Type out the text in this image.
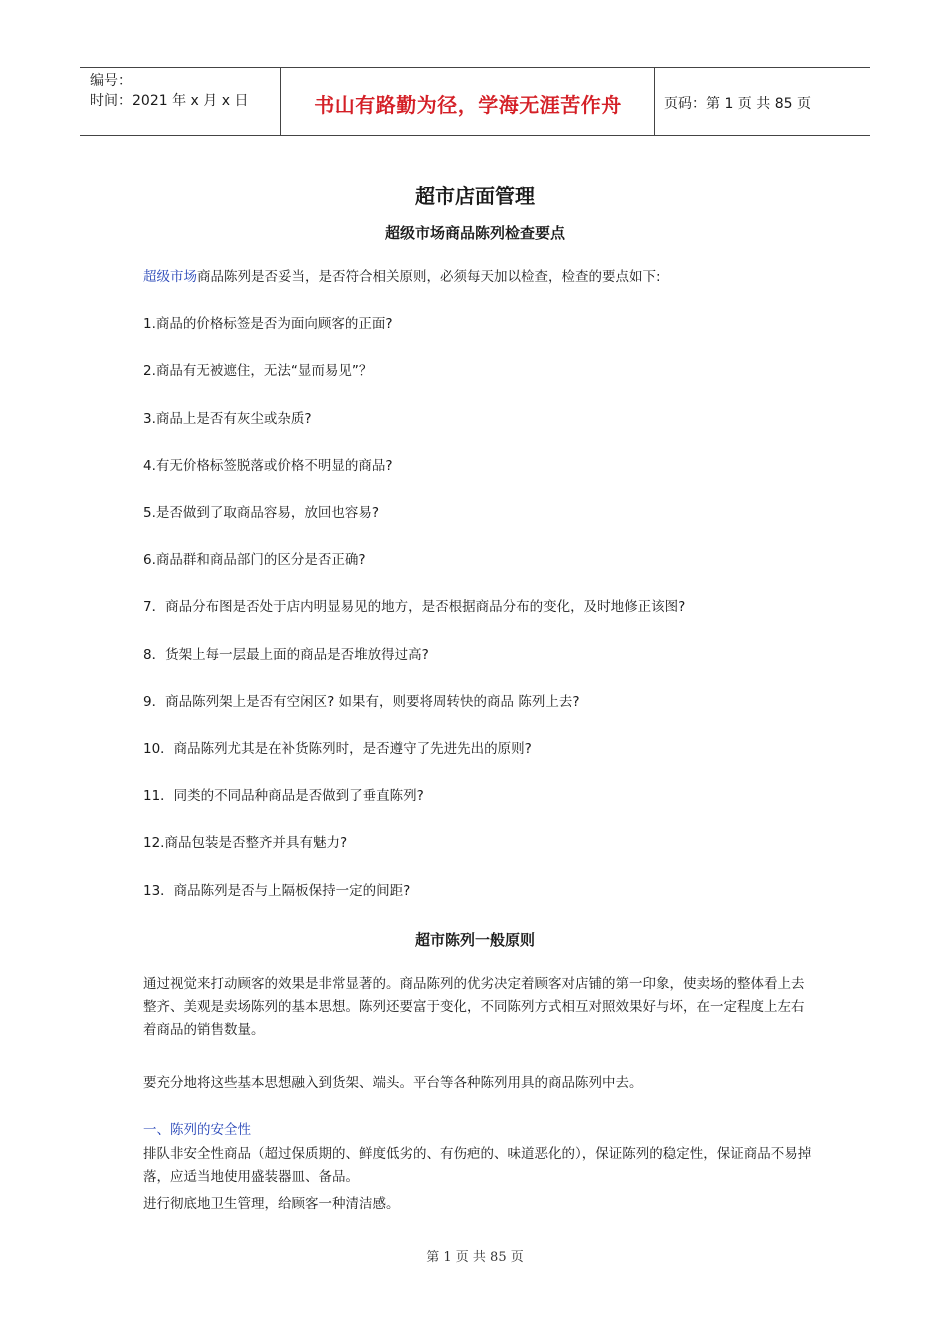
编号：
时间：2021 年 x 月 x 日	书山有路勤为径，学海无涯苦作舟	页码：第 1 页 共 85 页
超市店面管理
超级市场商品陈列检查要点
超级市场商品陈列是否妥当，是否符合相关原则，必须每天加以检查，检查的要点如下:
1.商品的价格标签是否为面向顾客的正面?
2.商品有无被遮住，无法“显而易见”？
3.商品上是否有灰尘或杂质?
4.有无价格标签脱落或价格不明显的商品?
5.是否做到了取商品容易，放回也容易?
6.商品群和商品部门的区分是否正确?
7．商品分布图是否处于店内明显易见的地方，是否根据商品分布的变化，及时地修正该图?
8．货架上每一层最上面的商品是否堆放得过高?
9．商品陈列架上是否有空闲区? 如果有，则要将周转快的商品 陈列上去?
10．商品陈列尤其是在补货陈列时，是否遵守了先进先出的原则?
11．同类的不同品种商品是否做到了垂直陈列?
12.商品包装是否整齐并具有魅力?
13．商品陈列是否与上隔板保持一定的间距?
超市陈列一般原则
通过视觉来打动顾客的效果是非常显著的。商品陈列的优劣决定着顾客对店铺的第一印象，使卖场的整体看上去整齐、美观是卖场陈列的基本思想。陈列还要富于变化，不同陈列方式相互对照效果好与坏，在一定程度上左右着商品的销售数量。
要充分地将这些基本思想融入到货架、端头。平台等各种陈列用具的商品陈列中去。
一、陈列的安全性
排队非安全性商品（超过保质期的、鲜度低劣的、有伤疤的、味道恶化的），保证陈列的稳定性，保证商品不易掉落，应适当地使用盛装器皿、备品。
进行彻底地卫生管理，给顾客一种清洁感。
第 1 页 共 85 页
